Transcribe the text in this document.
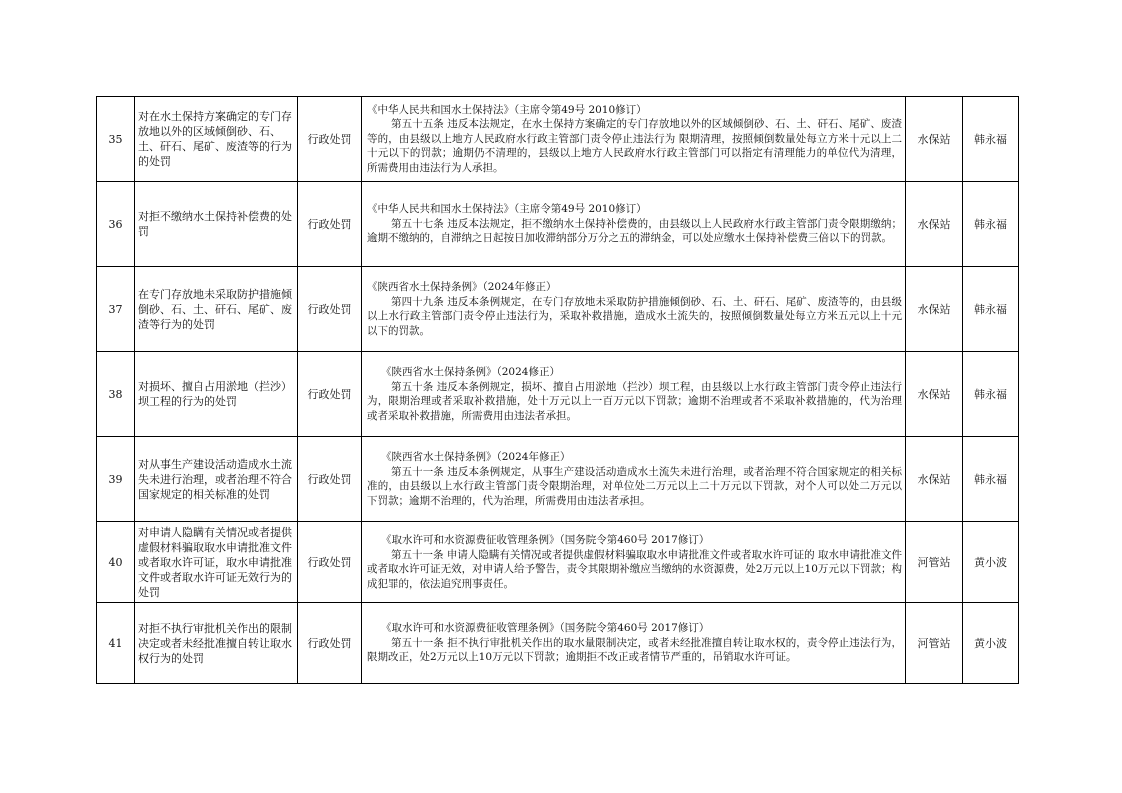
35	对在水土保持方案确定的专门存放地以外的区域倾倒砂、石、土、矸石、尾矿、废渣等的行为的处罚	行政处罚	《中华人民共和国水土保持法》（主席令第49号 2010修订）
第五十五条 违反本法规定，在水土保持方案确定的专门存放地以外的区域倾倒砂、石、土、矸石、尾矿、废渣等的，由县级以上地方人民政府水行政主管部门责令停止违法行为 限期清理，按照倾倒数量处每立方米十元以上二十元以下的罚款；逾期仍不清理的，县级以上地方人民政府水行政主管部门可以指定有清理能力的单位代为清理，所需费用由违法行为人承担。	水保站	韩永福
36	对拒不缴纳水土保持补偿费的处罚	行政处罚	《中华人民共和国水土保持法》（主席令第49号 2010修订）
第五十七条 违反本法规定，拒不缴纳水土保持补偿费的，由县级以上人民政府水行政主管部门责令限期缴纳；逾期不缴纳的，自滞纳之日起按日加收滞纳部分万分之五的滞纳金，可以处应缴水土保持补偿费三倍以下的罚款。	水保站	韩永福
37	在专门存放地未采取防护措施倾倒砂、石、土、矸石、尾矿、废渣等行为的处罚	行政处罚	《陕西省水土保持条例》（2024年修正）
第四十九条 违反本条例规定，在专门存放地未采取防护措施倾倒砂、石、土、矸石、尾矿、废渣等的，由县级以上水行政主管部门责令停止违法行为，采取补救措施，造成水土流失的，按照倾倒数量处每立方米五元以上十元以下的罚款。	水保站	韩永福
38	对损坏、擅自占用淤地（拦沙）坝工程的行为的处罚	行政处罚	《陕西省水土保持条例》（2024修正）
第五十条 违反本条例规定，损坏、擅自占用淤地（拦沙）坝工程，由县级以上水行政主管部门责令停止违法行为，限期治理或者采取补救措施，处十万元以上一百万元以下罚款；逾期不治理或者不采取补救措施的，代为治理或者采取补救措施，所需费用由违法者承担。	水保站	韩永福
39	对从事生产建设活动造成水土流失未进行治理，或者治理不符合国家规定的相关标准的处罚	行政处罚	《陕西省水土保持条例》（2024年修正）
第五十一条 违反本条例规定，从事生产建设活动造成水土流失未进行治理，或者治理不符合国家规定的相关标准的，由县级以上水行政主管部门责令限期治理，对单位处二万元以上二十万元以下罚款，对个人可以处二万元以下罚款；逾期不治理的，代为治理，所需费用由违法者承担。	水保站	韩永福
40	对申请人隐瞒有关情况或者提供虚假材料骗取取水申请批准文件或者取水许可证，取水申请批准文件或者取水许可证无效行为的处罚	行政处罚	《取水许可和水资源费征收管理条例》（国务院令第460号 2017修订）
第五十一条 申请人隐瞒有关情况或者提供虚假材料骗取取水申请批准文件或者取水许可证的 取水申请批准文件或者取水许可证无效，对申请人给予警告，责令其限期补缴应当缴纳的水资源费，处2万元以上10万元以下罚款；构成犯罪的，依法追究刑事责任。	河管站	黄小波
41	对拒不执行审批机关作出的限制决定或者未经批准擅自转让取水权行为的处罚	行政处罚	《取水许可和水资源费征收管理条例》（国务院令第460号 2017修订）
第五十一条 拒不执行审批机关作出的取水量限制决定，或者未经批准擅自转让取水权的，责令停止违法行为，限期改正，处2万元以上10万元以下罚款；逾期拒不改正或者情节严重的，吊销取水许可证。	河管站	黄小波
